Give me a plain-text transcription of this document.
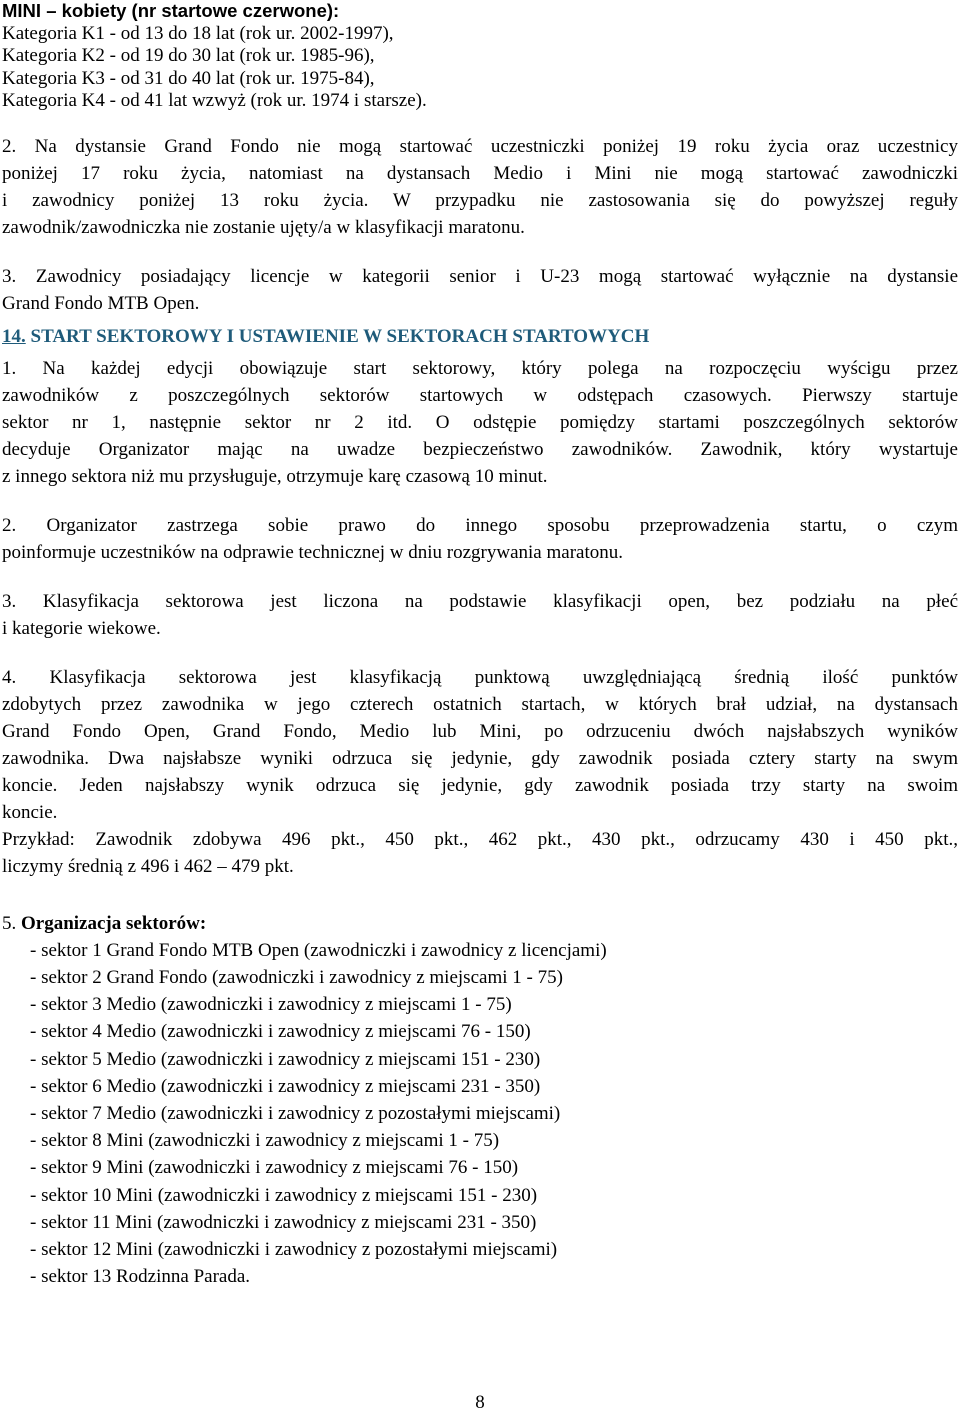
MINI – kobiety (nr startowe czerwone):
Kategoria K1 - od 13 do 18 lat (rok ur. 2002-1997),
Kategoria K2 - od 19 do 30 lat (rok ur. 1985-96),
Kategoria K3 - od 31 do 40 lat (rok ur. 1975-84),
Kategoria K4 - od 41 lat wzwyż (rok ur. 1974 i starsze).
2. Na dystansie Grand Fondo nie mogą startować uczestniczki poniżej 19 roku życia oraz uczestnicy
poniżej 17 roku życia, natomiast na dystansach Medio i Mini nie mogą startować zawodniczki
i zawodnicy poniżej 13 roku życia. W przypadku nie zastosowania się do powyższej reguły
zawodnik/zawodniczka nie zostanie ujęty/a w klasyfikacji maratonu.
3. Zawodnicy posiadający licencje w kategorii senior i U-23 mogą startować wyłącznie na dystansie
Grand Fondo MTB Open.
14. START SEKTOROWY I USTAWIENIE W SEKTORACH STARTOWYCH
1. Na każdej edycji obowiązuje start sektorowy, który polega na rozpoczęciu wyścigu przez
zawodników z poszczególnych sektorów startowych w odstępach czasowych. Pierwszy startuje
sektor nr 1, następnie sektor nr 2 itd. O odstępie pomiędzy startami poszczególnych sektorów
decyduje Organizator mając na uwadze bezpieczeństwo zawodników. Zawodnik, który wystartuje
z innego sektora niż mu przysługuje, otrzymuje karę czasową 10 minut.
2. Organizator zastrzega sobie prawo do innego sposobu przeprowadzenia startu, o czym
poinformuje uczestników na odprawie technicznej w dniu rozgrywania maratonu.
3. Klasyfikacja sektorowa jest liczona na podstawie klasyfikacji open, bez podziału na płeć
i kategorie wiekowe.
4. Klasyfikacja sektorowa jest klasyfikacją punktową uwzględniającą średnią ilość punktów
zdobytych przez zawodnika w jego czterech ostatnich startach, w których brał udział, na dystansach
Grand Fondo Open, Grand Fondo, Medio lub Mini, po odrzuceniu dwóch najsłabszych wyników
zawodnika. Dwa najsłabsze wyniki odrzuca się jedynie, gdy zawodnik posiada cztery starty na swym
koncie. Jeden najsłabszy wynik odrzuca się jedynie, gdy zawodnik posiada trzy starty na swoim
koncie.
Przykład: Zawodnik zdobywa 496 pkt., 450 pkt., 462 pkt., 430 pkt., odrzucamy 430 i 450 pkt.,
liczymy średnią z 496 i 462 – 479 pkt.
5. Organizacja sektorów:
- sektor 1 Grand Fondo MTB Open (zawodniczki i zawodnicy z licencjami)
- sektor 2 Grand Fondo (zawodniczki i zawodnicy z miejscami 1 - 75)
- sektor 3 Medio (zawodniczki i zawodnicy z miejscami 1 - 75)
- sektor 4 Medio (zawodniczki i zawodnicy z miejscami 76 - 150)
- sektor 5 Medio (zawodniczki i zawodnicy z miejscami 151 - 230)
- sektor 6 Medio (zawodniczki i zawodnicy z miejscami 231 - 350)
- sektor 7 Medio (zawodniczki i zawodnicy z pozostałymi miejscami)
- sektor 8 Mini (zawodniczki i zawodnicy z miejscami 1 - 75)
- sektor 9 Mini (zawodniczki i zawodnicy z miejscami 76 - 150)
- sektor 10 Mini (zawodniczki i zawodnicy z miejscami 151 - 230)
- sektor 11 Mini (zawodniczki i zawodnicy z miejscami 231 - 350)
- sektor 12 Mini (zawodniczki i zawodnicy z pozostałymi miejscami)
- sektor 13 Rodzinna Parada.
8
